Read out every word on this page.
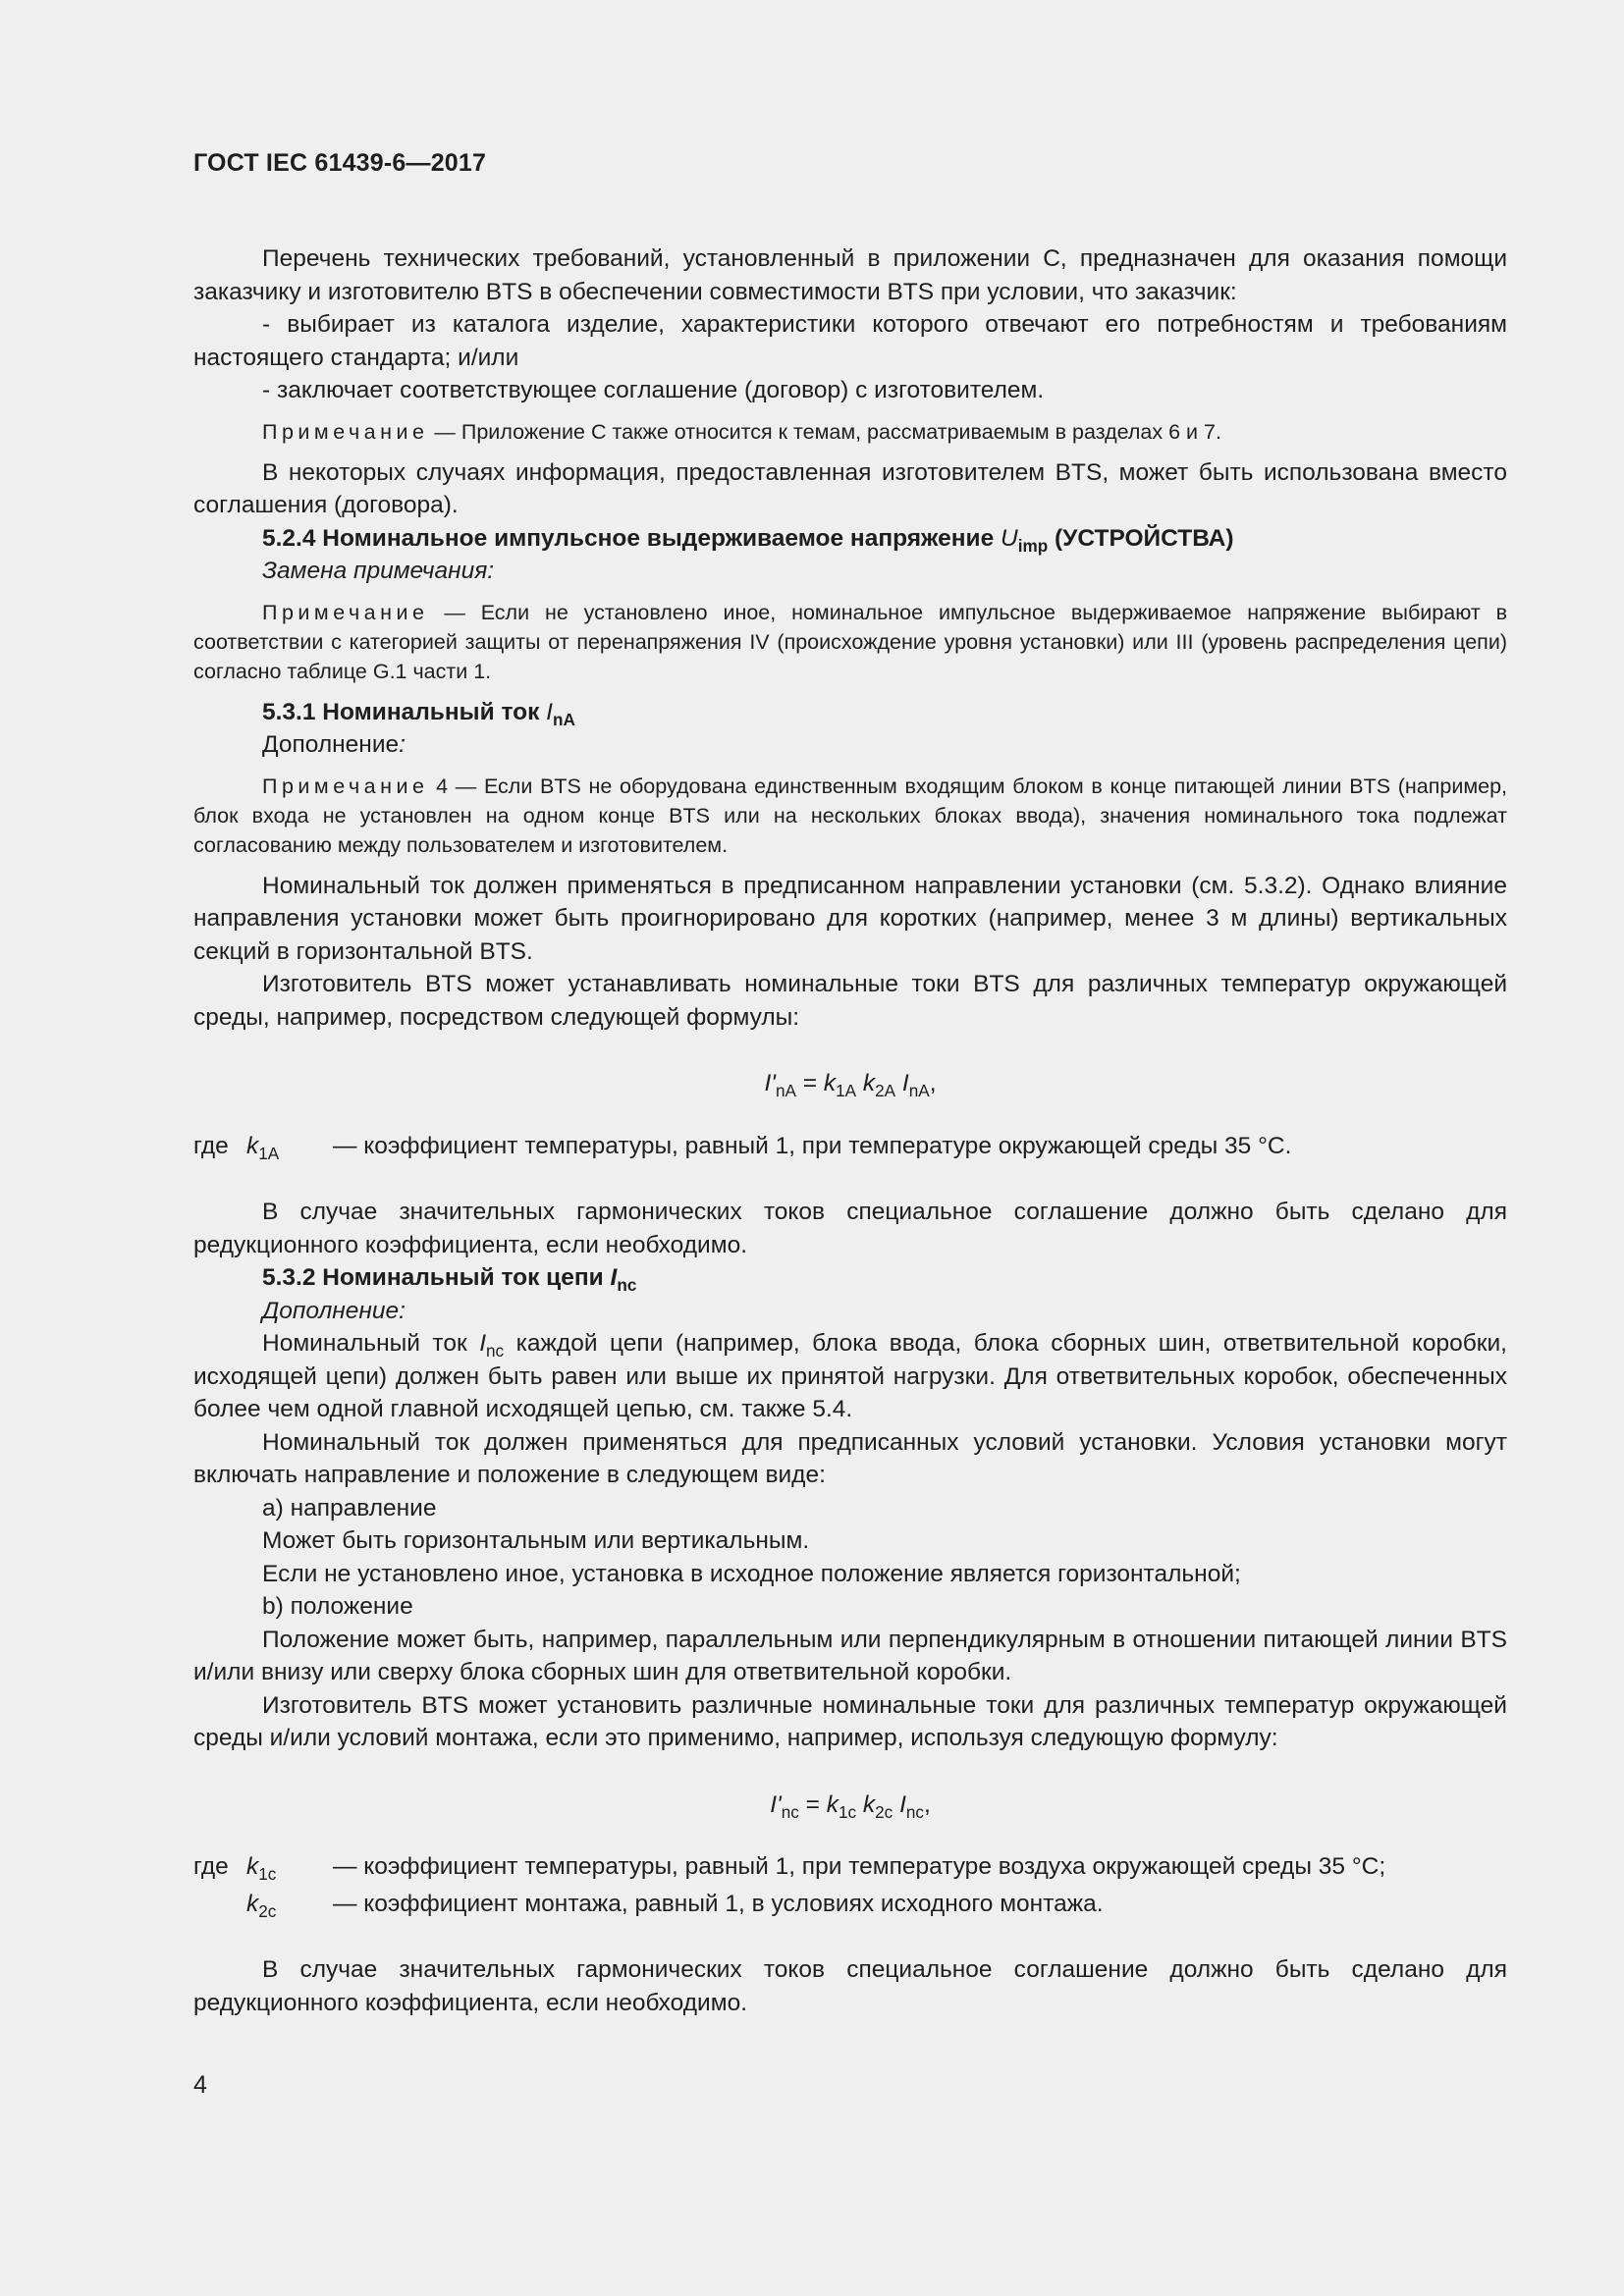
ГОСТ IEC 61439-6—2017

Перечень технических требований, установленный в приложении C, предназначен для оказания помощи заказчику и изготовителю BTS в обеспечении совместимости BTS при условии, что заказчик:

- выбирает из каталога изделие, характеристики которого отвечают его потребностям и требованиям настоящего стандарта; и/или

- заключает соответствующее соглашение (договор) с изготовителем.

Примечание — Приложение C также относится к темам, рассматриваемым в разделах 6 и 7.

В некоторых случаях информация, предоставленная изготовителем BTS, может быть использована вместо соглашения (договора).

5.2.4 Номинальное импульсное выдерживаемое напряжение $U_{imp}$ (УСТРОЙСТВА)

Замена примечания:

Примечание — Если не установлено иное, номинальное импульсное выдерживаемое напряжение выбирают в соответствии с категорией защиты от перенапряжения IV (происхождение уровня установки) или III (уровень распределения цепи) согласно таблице G.1 части 1.

5.3.1 Номинальный ток $I_{nA}$

Дополнение:

Примечание 4 — Если BTS не оборудована единственным входящим блоком в конце питающей линии BTS (например, блок входа не установлен на одном конце BTS или на нескольких блоках ввода), значения номинального тока подлежат согласованию между пользователем и изготовителем.

Номинальный ток должен применяться в предписанном направлении установки (см. 5.3.2). Однако влияние направления установки может быть проигнорировано для коротких (например, менее 3 м длины) вертикальных секций в горизонтальной BTS.

Изготовитель BTS может устанавливать номинальные токи BTS для различных температур окружающей среды, например, посредством следующей формулы:

$I'_{nA} = k_{1A}$ $k_{2A}$ $I_{nA}$,

где $k_{1A}$	— коэффициент температуры, равный 1, при температуре окружающей среды 35 °C.

В случае значительных гармонических токов специальное соглашение должно быть сделано для редукционного коэффициента, если необходимо.

5.3.2 Номинальный ток цепи $I_{nc}$

Дополнение:

Номинальный ток $I_{nc}$ каждой цепи (например, блока ввода, блока сборных шин, ответвительной коробки, исходящей цепи) должен быть равен или выше их принятой нагрузки. Для ответвительных коробок, обеспеченных более чем одной главной исходящей цепью, см. также 5.4.

Номинальный ток должен применяться для предписанных условий установки. Условия установки могут включать направление и положение в следующем виде:

a) направление

Может быть горизонтальным или вертикальным.

Если не установлено иное, установка в исходное положение является горизонтальной;

b) положение

Положение может быть, например, параллельным или перпендикулярным в отношении питающей линии BTS и/или внизу или сверху блока сборных шин для ответвительной коробки.

Изготовитель BTS может установить различные номинальные токи для различных температур окружающей среды и/или условий монтажа, если это применимо, например, используя следующую формулу:

$I'_{nc} = k_{1c}$ $k_{2c}$ $I_{nc}$,

где $k_{1c}$	— коэффициент температуры, равный 1, при температуре воздуха окружающей среды 35 °C;
$k_{2c}$	— коэффициент монтажа, равный 1, в условиях исходного монтажа.

В случае значительных гармонических токов специальное соглашение должно быть сделано для редукционного коэффициента, если необходимо.

4
